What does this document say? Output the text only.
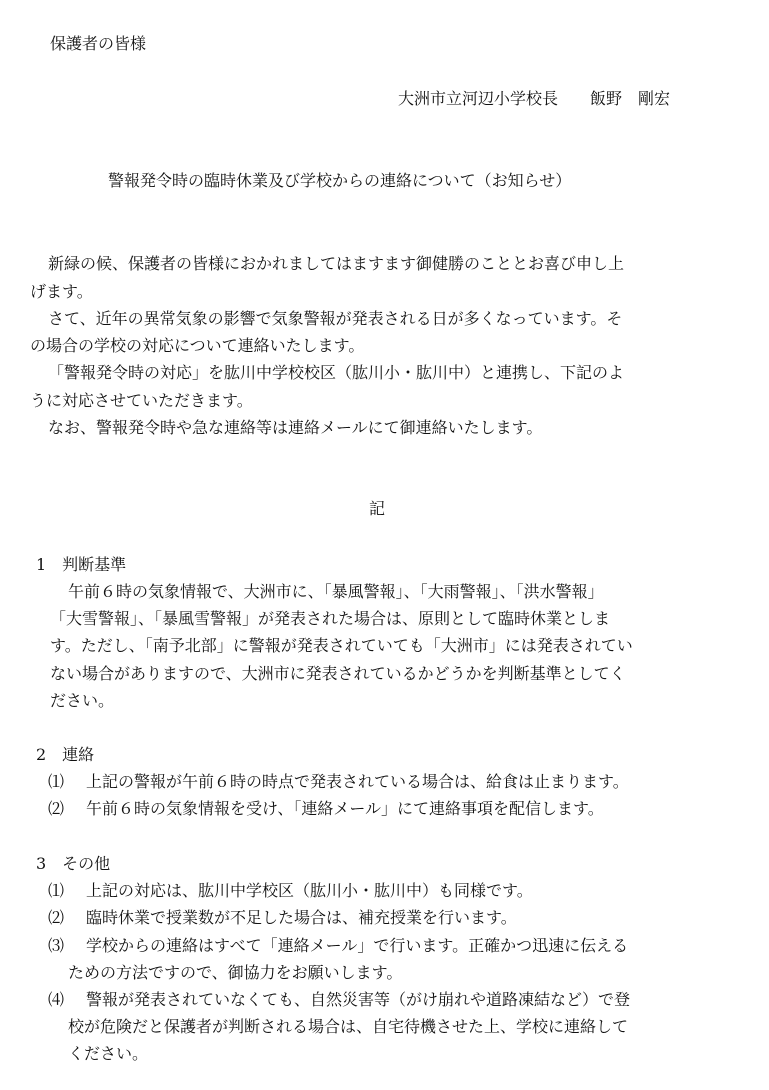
保護者の皆様
大洲市立河辺小学校長　　飯野　剛宏
警報発令時の臨時休業及び学校からの連絡について（お知らせ）
新緑の候、保護者の皆様におかれましてはますます御健勝のこととお喜び申し上
げます。
さて、近年の異常気象の影響で気象警報が発表される日が多くなっています。そ
の場合の学校の対応について連絡いたします。
「警報発令時の対応」を肱川中学校校区（肱川小・肱川中）と連携し、下記のよ
うに対応させていただきます。
なお、警報発令時や急な連絡等は連絡メールにて御連絡いたします。
記
1　判断基準
午前６時の気象情報で、大洲市に、「暴風警報」、「大雨警報」、「洪水警報」
「大雪警報」、「暴風雪警報」が発表された場合は、原則として臨時休業としま
す。ただし、「南予北部」に警報が発表されていても「大洲市」には発表されてい
ない場合がありますので、大洲市に発表されているかどうかを判断基準としてく
ださい。
2　連絡
⑴ 上記の警報が午前６時の時点で発表されている場合は、給食は止まります。
⑵ 午前６時の気象情報を受け、「連絡メール」にて連絡事項を配信します。
3　その他
⑴ 上記の対応は、肱川中学校区（肱川小・肱川中）も同様です。
⑵ 臨時休業で授業数が不足した場合は、補充授業を行います。
⑶ 学校からの連絡はすべて「連絡メール」で行います。正確かつ迅速に伝える
ための方法ですので、御協力をお願いします。
⑷ 警報が発表されていなくても、自然災害等（がけ崩れや道路凍結など）で登
校が危険だと保護者が判断される場合は、自宅待機させた上、学校に連絡して
ください。
